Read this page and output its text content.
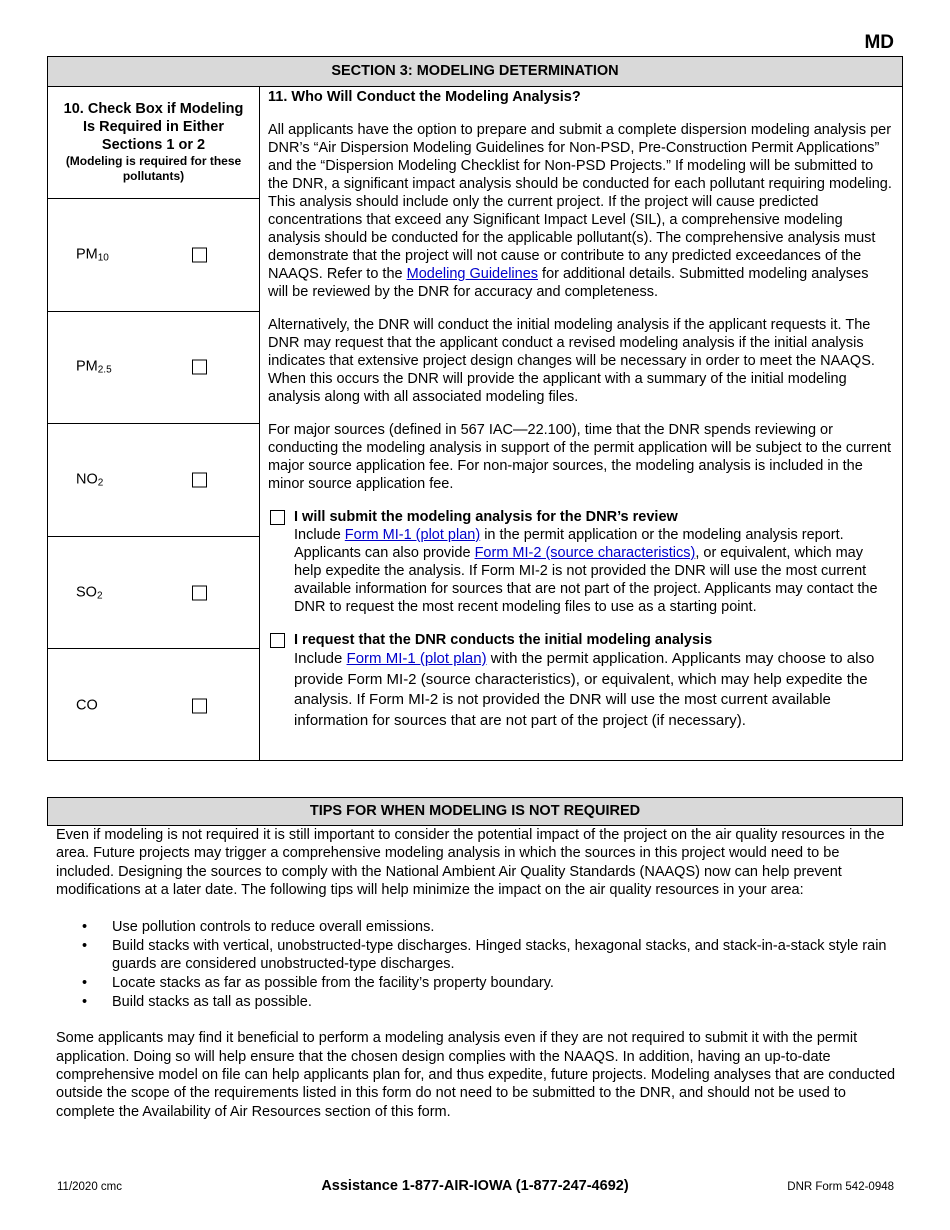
MD
SECTION 3: MODELING DETERMINATION
10. Check Box if Modeling Is Required in Either Sections 1 or 2
(Modeling is required for these pollutants)
$PM_{10}$
$PM_{2.5}$
$NO_2$
$SO_2$
CO
11. Who Will Conduct the Modeling Analysis?

All applicants have the option to prepare and submit a complete dispersion modeling analysis per DNR’s “Air Dispersion Modeling Guidelines for Non-PSD, Pre-Construction Permit Applications” and the “Dispersion Modeling Checklist for Non-PSD Projects.” If modeling will be submitted to the DNR, a significant impact analysis should be conducted for each pollutant requiring modeling. This analysis should include only the current project. If the project will cause predicted concentrations that exceed any Significant Impact Level (SIL), a comprehensive modeling analysis should be conducted for the applicable pollutant(s). The comprehensive analysis must demonstrate that the project will not cause or contribute to any predicted exceedances of the NAAQS. Refer to the Modeling Guidelines for additional details. Submitted modeling analyses will be reviewed by the DNR for accuracy and completeness.

Alternatively, the DNR will conduct the initial modeling analysis if the applicant requests it. The DNR may request that the applicant conduct a revised modeling analysis if the initial analysis indicates that extensive project design changes will be necessary in order to meet the NAAQS. When this occurs the DNR will provide the applicant with a summary of the initial modeling analysis along with all associated modeling files.

For major sources (defined in 567 IAC—22.100), time that the DNR spends reviewing or conducting the modeling analysis in support of the permit application will be subject to the current major source application fee. For non-major sources, the modeling analysis is included in the minor source application fee.

I will submit the modeling analysis for the DNR’s review
Include Form MI-1 (plot plan) in the permit application or the modeling analysis report. Applicants can also provide Form MI-2 (source characteristics), or equivalent, which may help expedite the analysis. If Form MI-2 is not provided the DNR will use the most current available information for sources that are not part of the project. Applicants may contact the DNR to request the most recent modeling files to use as a starting point.
I request that the DNR conducts the initial modeling analysis
Include Form MI-1 (plot plan) with the permit application. Applicants may choose to also provide Form MI-2 (source characteristics), or equivalent, which may help expedite the analysis. If Form MI-2 is not provided the DNR will use the most current available information for sources that are not part of the project (if necessary).
TIPS FOR WHEN MODELING IS NOT REQUIRED

Even if modeling is not required it is still important to consider the potential impact of the project on the air quality resources in the area. Future projects may trigger a comprehensive modeling analysis in which the sources in this project would need to be included. Designing the sources to comply with the National Ambient Air Quality Standards (NAAQS) now can help prevent modifications at a later date. The following tips will help minimize the impact on the air quality resources in your area:

• Use pollution controls to reduce overall emissions.
• Build stacks with vertical, unobstructed-type discharges. Hinged stacks, hexagonal stacks, and stack-in-a-stack style rain guards are considered unobstructed-type discharges.
• Locate stacks as far as possible from the facility’s property boundary.
• Build stacks as tall as possible.

Some applicants may find it beneficial to perform a modeling analysis even if they are not required to submit it with the permit application. Doing so will help ensure that the chosen design complies with the NAAQS. In addition, having an up-to-date comprehensive model on file can help applicants plan for, and thus expedite, future projects. Modeling analyses that are conducted outside the scope of the requirements listed in this form do not need to be submitted to the DNR, and should not be used to complete the Availability of Air Resources section of this form.

11/2020 cmc	Assistance 1-877-AIR-IOWA (1-877-247-4692)	DNR Form 542-0948
